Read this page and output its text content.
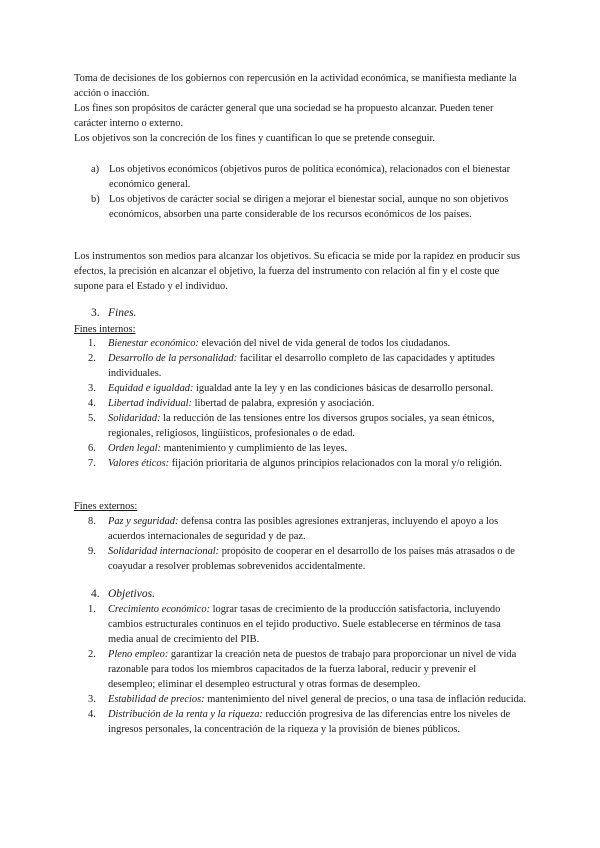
Toma de decisiones de los gobiernos con repercusión en la actividad económica, se manifiesta mediante la acción o inacción.
Los fines son propósitos de carácter general que una sociedad se ha propuesto alcanzar. Pueden tener carácter interno o externo.
Los objetivos son la concreción de los fines y cuantifican lo que se pretende conseguir.
a) Los objetivos económicos (objetivos puros de política económica), relacionados con el bienestar económico general.
b) Los objetivos de carácter social se dirigen a mejorar el bienestar social, aunque no son objetivos económicos, absorben una parte considerable de los recursos económicos de los países.
Los instrumentos son medios para alcanzar los objetivos. Su eficacia se mide por la rapidez en producir sus efectos, la precisión en alcanzar el objetivo, la fuerza del instrumento con relación al fin y el coste que supone para el Estado y el individuo.
3. Fines.
Fines internos:
1.	Bienestar económico: elevación del nivel de vida general de todos los ciudadanos.
2.	Desarrollo de la personalidad: facilitar el desarrollo completo de las capacidades y aptitudes individuales.
3.	Equidad e igualdad: igualdad ante la ley y en las condiciones básicas de desarrollo personal.
4.	Libertad individual: libertad de palabra, expresión y asociación.
5.	Solidaridad: la reducción de las tensiones entre los diversos grupos sociales, ya sean étnicos, regionales, religiosos, lingüísticos, profesionales o de edad.
6.	Orden legal: mantenimiento y cumplimiento de las leyes.
7.	Valores éticos: fijación prioritaria de algunos principios relacionados con la moral y/o religión.
Fines externos:
8.	Paz y seguridad: defensa contra las posibles agresiones extranjeras, incluyendo el apoyo a los acuerdos internacionales de seguridad y de paz.
9.	Solidaridad internacional: propósito de cooperar en el desarrollo de los países más atrasados o de coayudar a resolver problemas sobrevenidos accidentalmente.
4. Objetivos.
1.	Crecimiento económico: lograr tasas de crecimiento de la producción satisfactoria, incluyendo cambios estructurales continuos en el tejido productivo. Suele establecerse en términos de tasa media anual de crecimiento del PIB.
2.	Pleno empleo: garantizar la creación neta de puestos de trabajo para proporcionar un nivel de vida razonable para todos los miembros capacitados de la fuerza laboral, reducir y prevenir el desempleo; eliminar el desempleo estructural y otras formas de desempleo.
3.	Estabilidad de precios: mantenimiento del nivel general de precios, o una tasa de inflación reducida.
4.	Distribución de la renta y la riqueza: reducción progresiva de las diferencias entre los niveles de ingresos personales, la concentración de la riqueza y la provisión de bienes públicos.
